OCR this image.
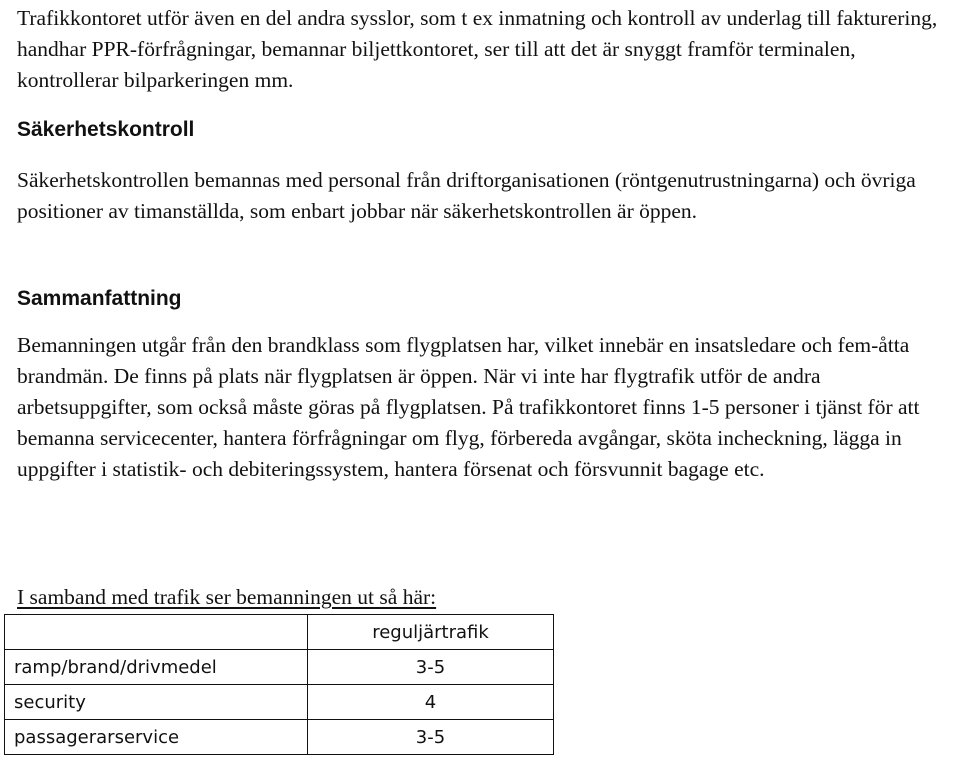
Trafikkontoret utför även en del andra sysslor, som t ex inmatning och kontroll av underlag till fakturering, handhar PPR-förfrågningar, bemannar biljettkontoret, ser till att det är snyggt framför terminalen, kontrollerar bilparkeringen mm.

Säkerhetskontroll

Säkerhetskontrollen bemannas med personal från driftorganisationen (röntgenutrustningarna) och övriga positioner av timanställda, som enbart jobbar när säkerhetskontrollen är öppen.

Sammanfattning

Bemanningen utgår från den brandklass som flygplatsen har, vilket innebär en insatsledare och fem-åtta brandmän. De finns på plats när flygplatsen är öppen. När vi inte har flygtrafik utför de andra arbetsuppgifter, som också måste göras på flygplatsen. På trafikkontoret finns 1-5 personer i tjänst för att bemanna servicecenter, hantera förfrågningar om flyg, förbereda avgångar, sköta incheckning, lägga in uppgifter i statistik- och debiteringssystem, hantera försenat och försvunnit bagage etc.

I samband med trafik ser bemanningen ut så här:

	reguljärtrafik
ramp/brand/drivmedel	3-5
security	4
passagerarservice	3-5
